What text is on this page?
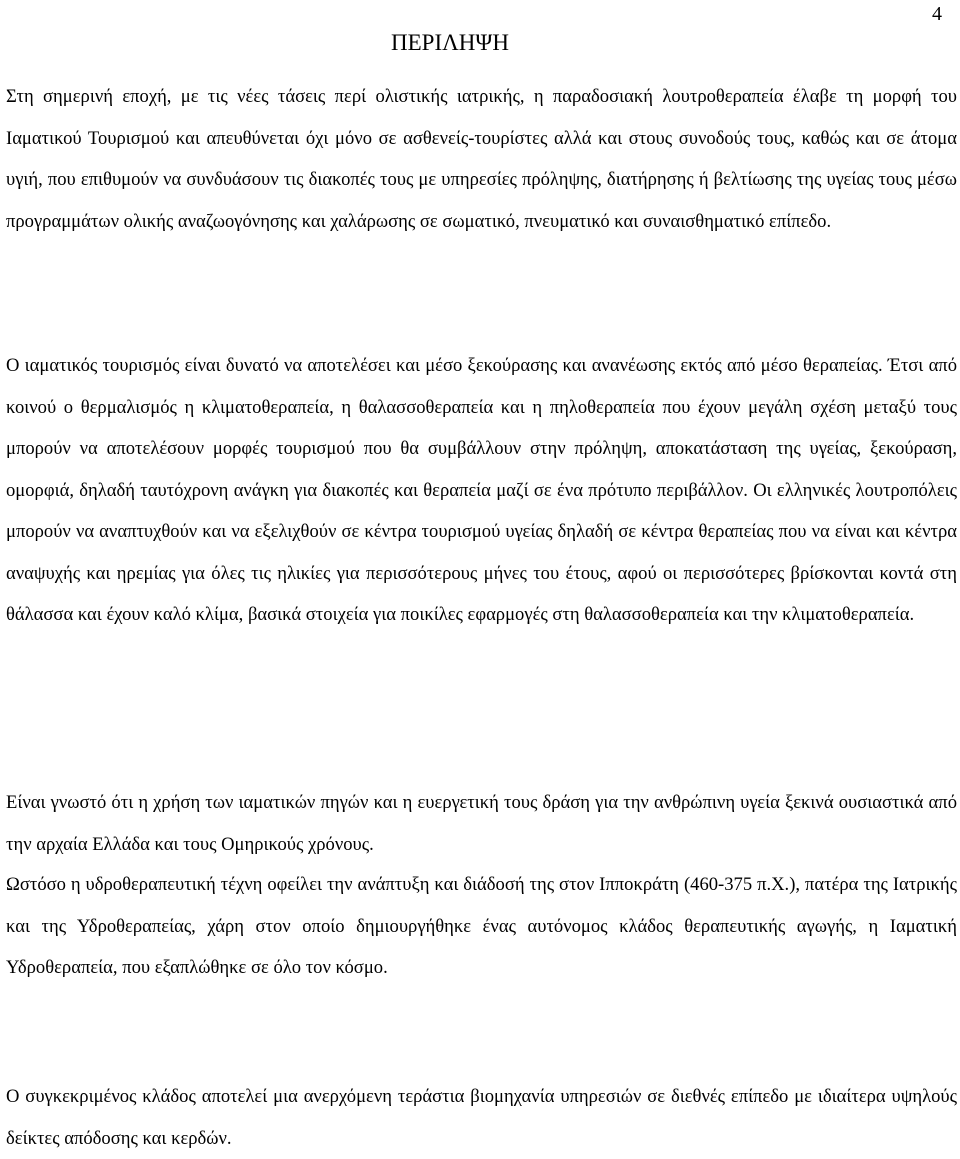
4
ΠΕΡΙΛΗΨΗ

Στη σημερινή εποχή, με τις νέες τάσεις περί ολιστικής ιατρικής, η παραδοσιακή λουτροθεραπεία έλαβε τη μορφή του Ιαματικού Τουρισμού και απευθύνεται όχι μόνο σε ασθενείς-τουρίστες αλλά και στους συνοδούς τους, καθώς και σε άτομα υγιή, που επιθυμούν να συνδυάσουν τις διακοπές τους με υπηρεσίες πρόληψης, διατήρησης ή βελτίωσης της υγείας τους μέσω προγραμμάτων ολικής αναζωογόνησης και χαλάρωσης σε σωματικό, πνευματικό και συναισθηματικό επίπεδο.

Ο ιαματικός τουρισμός είναι δυνατό να αποτελέσει και μέσο ξεκούρασης και ανανέωσης εκτός από μέσο θεραπείας. Έτσι από κοινού ο θερμαλισμός η κλιματοθεραπεία, η θαλασσοθεραπεία και η πηλοθεραπεία που έχουν μεγάλη σχέση μεταξύ τους μπορούν να αποτελέσουν μορφές τουρισμού που θα συμβάλλουν στην πρόληψη, αποκατάσταση της υγείας, ξεκούραση, ομορφιά, δηλαδή ταυτόχρονη ανάγκη για διακοπές και θεραπεία μαζί σε ένα πρότυπο περιβάλλον. Οι ελληνικές λουτροπόλεις μπορούν να αναπτυχθούν και να εξελιχθούν σε κέντρα τουρισμού υγείας δηλαδή σε κέντρα θεραπείας που να είναι και κέντρα αναψυχής και ηρεμίας για όλες τις ηλικίες για περισσότερους μήνες του έτους, αφού οι περισσότερες βρίσκονται κοντά στη θάλασσα και έχουν καλό κλίμα, βασικά στοιχεία για ποικίλες εφαρμογές στη θαλασσοθεραπεία και την κλιματοθεραπεία.

Είναι γνωστό ότι η χρήση των ιαματικών πηγών και η ευεργετική τους δράση για την ανθρώπινη υγεία ξεκινά ουσιαστικά από την αρχαία Ελλάδα και τους Ομηρικούς χρόνους.

Ωστόσο η υδροθεραπευτική τέχνη οφείλει την ανάπτυξη και διάδοσή της στον Ιπποκράτη (460-375 π.Χ.), πατέρα της Ιατρικής και της Υδροθεραπείας, χάρη στον οποίο δημιουργήθηκε ένας αυτόνομος κλάδος θεραπευτικής αγωγής, η Ιαματική Υδροθεραπεία, που εξαπλώθηκε σε όλο τον κόσμο.

Ο συγκεκριμένος κλάδος αποτελεί μια ανερχόμενη τεράστια βιομηχανία υπηρεσιών σε διεθνές επίπεδο με ιδιαίτερα υψηλούς δείκτες απόδοσης και κερδών.
